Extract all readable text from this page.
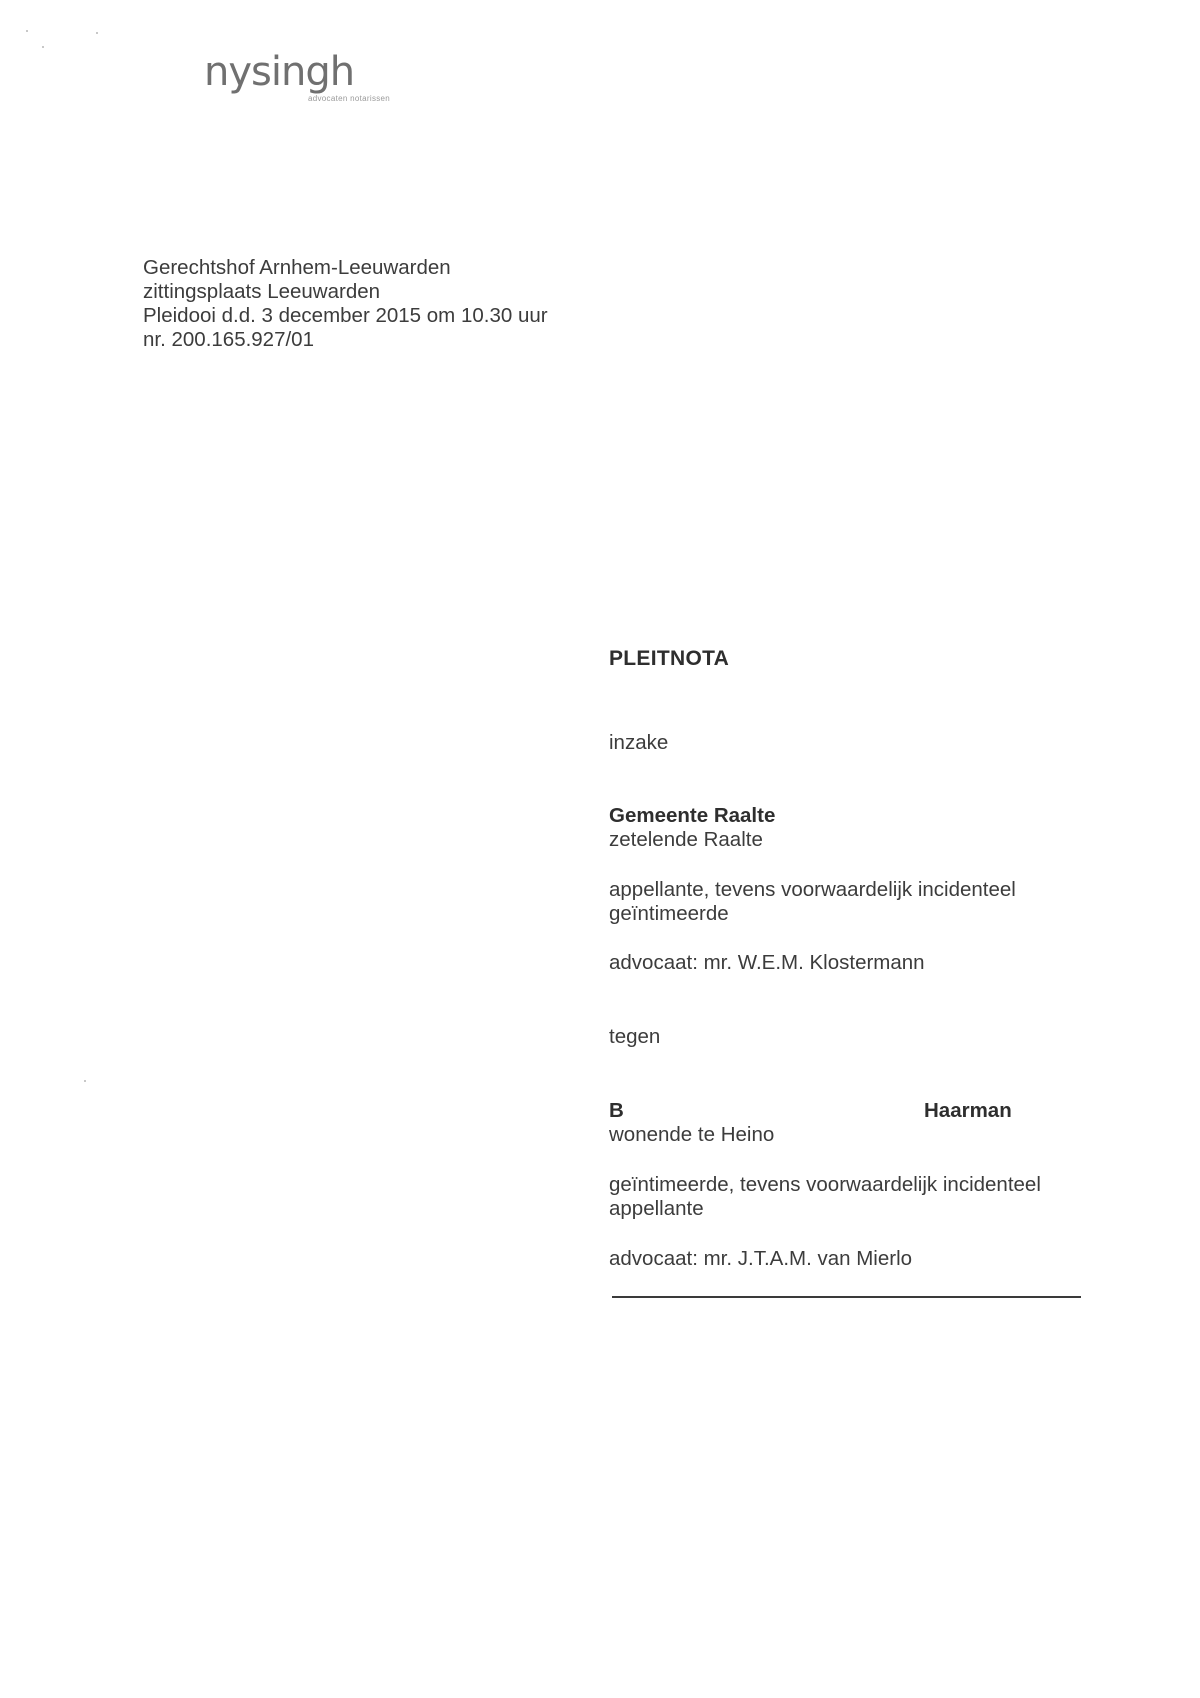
nysingh
advocaten notarissen
Gerechtshof Arnhem-Leeuwarden
zittingsplaats Leeuwarden
Pleidooi d.d. 3 december 2015 om 10.30 uur
nr. 200.165.927/01
PLEITNOTA
inzake
Gemeente Raalte
zetelende Raalte
appellante, tevens voorwaardelijk incidenteel
geïntimeerde
advocaat: mr. W.E.M. Klostermann
tegen
B	Haarman
wonende te Heino
geïntimeerde, tevens voorwaardelijk incidenteel
appellante
advocaat: mr. J.T.A.M. van Mierlo
